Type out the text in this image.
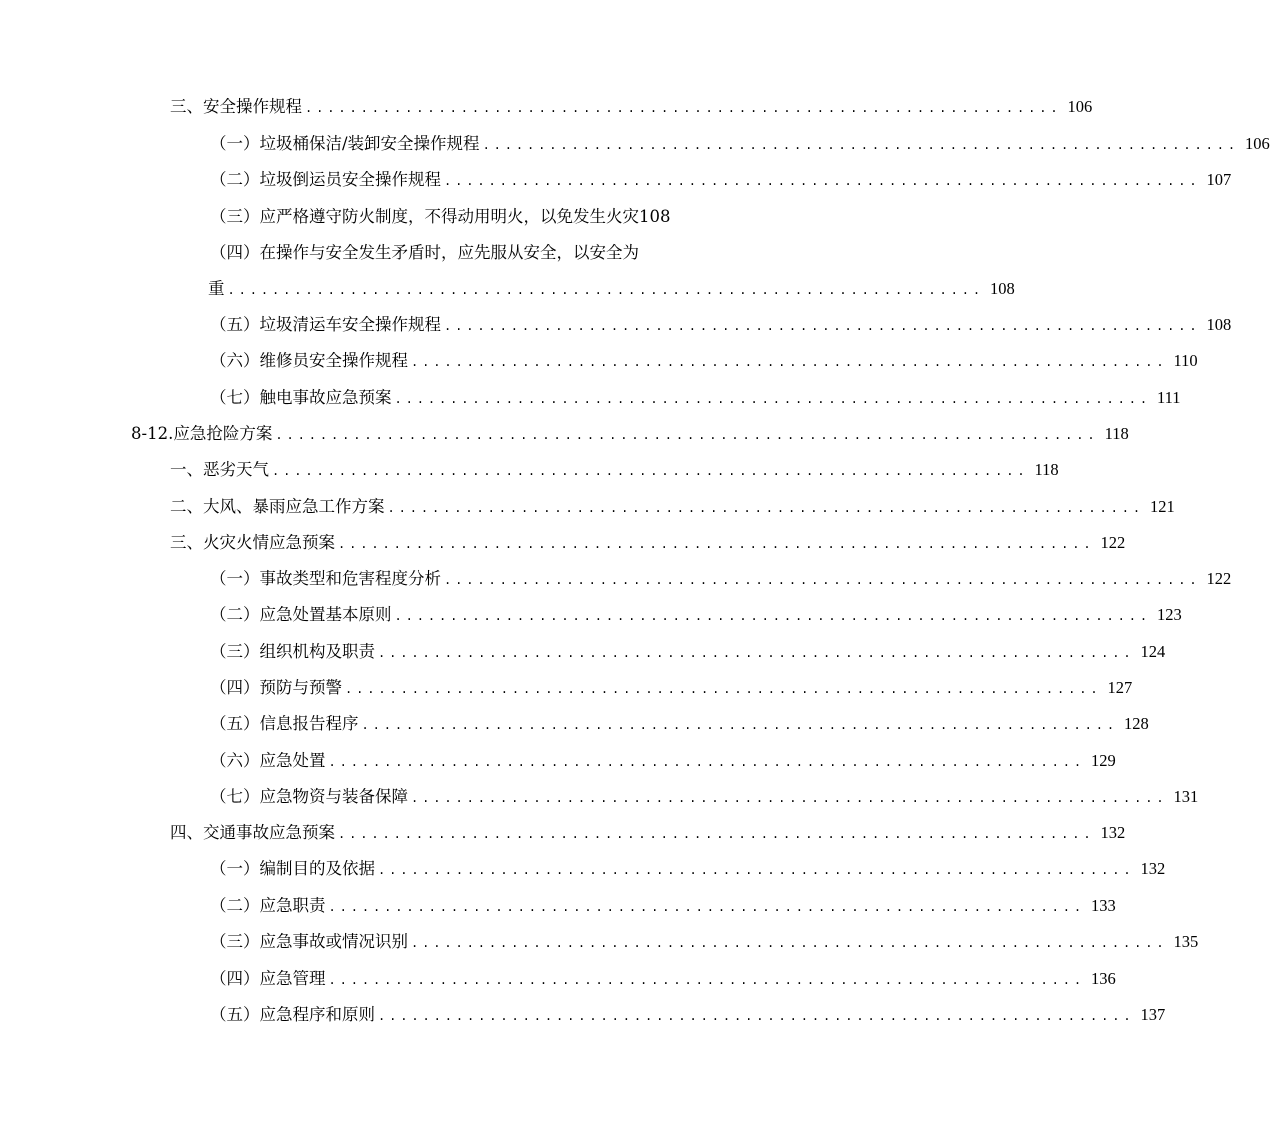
三、安全操作规程 .................................................................... 106
（一）垃圾桶保洁/装卸安全操作规程 .................................................................... 106
（二）垃圾倒运员安全操作规程 .................................................................... 107
（三）应严格遵守防火制度，不得动用明火，以免发生火灾108
（四）在操作与安全发生矛盾时，应先服从安全，以安全为
重 .................................................................... 108
（五）垃圾清运车安全操作规程 .................................................................... 108
（六）维修员安全操作规程 .................................................................... 110
（七）触电事故应急预案 .................................................................... 111
8-12.应急抢险方案 .......................................................................... 118
一、恶劣天气 .................................................................... 118
二、大风、暴雨应急工作方案 .................................................................... 121
三、火灾火情应急预案 .................................................................... 122
（一）事故类型和危害程度分析 .................................................................... 122
（二）应急处置基本原则 .................................................................... 123
（三）组织机构及职责 .................................................................... 124
（四）预防与预警 .................................................................... 127
（五）信息报告程序 .................................................................... 128
（六）应急处置 .................................................................... 129
（七）应急物资与装备保障 .................................................................... 131
四、交通事故应急预案 .................................................................... 132
（一）编制目的及依据 .................................................................... 132
（二）应急职责 .................................................................... 133
（三）应急事故或情况识别 .................................................................... 135
（四）应急管理 .................................................................... 136
（五）应急程序和原则 .................................................................... 137
